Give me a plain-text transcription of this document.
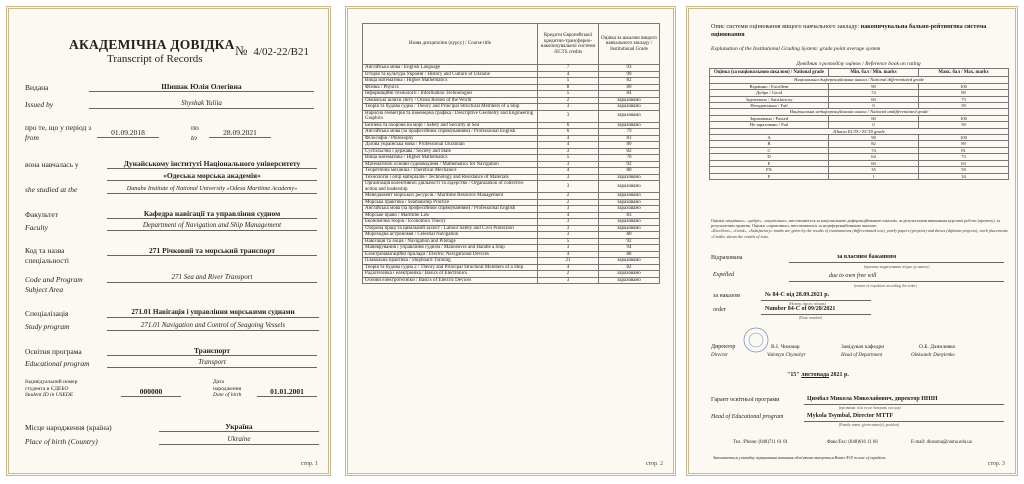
АКАДЕМІЧНА ДОВІДКА
Transcript of Records
№ 4/02-22/В21
Видана
Issued by
Шишак Юлія Олегівна
Shyshak Yuliia
про те, що у період з
from
01.09.2018
по
to
28.09.2021
вона навчалась у
she studied at the
Дунайському інституті Національного університету
«Одеська морська академія»
Danube Institute of National University «Odesa Maritime Academy»
Факультет
Faculty
Кафедра навігації та управління судном
Department of Navigation and Ship Management
Код та назва
спеціальності
Code and Program
Subject Area
271 Річковий та морський транспорт
271 Sea and River Transport
Спеціалізація
Study program
271.01 Навігація і управління морськими суднами
271.01 Navigation and Control of Seagoing Vessels
Освітня програма
Educational program
Транспорт
Transport
Індивідуальний номер
студента в ЄДЕБО
Student ID in USEDE	000000
Дата
народження
Date of birth	01.01.2001
Місце народження (країна)
Place of birth (Country)
Україна
Ukraine
стор. 1
Назва дисципліни (курсу) / Course title	Кредити Європейської кредитно-трансферно-накопичувальної системи /ECTS credits	Оцінка за шкалою вищого навчального закладу / Institutional Grade
Англійська мова / English Language	7	93
Історія та культура України / History and Culture of Ukraine	4	90
Вища математика / Higher Mathematics	5	82
Фізика / Physics	8	89
Інформаційні технології / Information Technologies	5	84
Океанські шляхи світу / Ocean Routes of the World	2	зараховано
Теорія та будова судна / Theory and Principal Structural Members of a Ship	3	зараховано
Нарисна геометрія та інженерна графіка / Descriptive Geometry and Engineering Graphics	3	зараховано
Безпека та охорона на морі / Safety and Security at Sea	6	зараховано
Англійська мова (за професійним спрямуванням) / Professional English	6	79
Філософія / Philosophy	4	81
Ділова українська мова / Professional Ukrainian	4	80
Суспільство і держава / Society and State	3	82
Вища математика / Higher Mathematics	5	76
Математичні основи судноводіння / Mathematics for Navigation	3	92
Теоретична механіка / Theretical Mechanics	4	80
Технологія і опір матеріалів / Technology and Resistance of Materials	3	зараховано
Організація колективної діяльності та лідерство / Organization of collective action and leadership	3	зараховано
Менеджмент морських ресурсів / Maritime Resource Management	2	зараховано
Морська практика / Seamanship Practice	2	зараховано
Англійська мова (за професійним спрямуванням) / Professional English	3	зараховано
Морське право / Maritime Law	4	83
Економічна теорія / Economics Theory	3	зараховано
Охорона праці та цивільний захист / Labour Safety and Civil Protection	3	зараховано
Мореходна астрономія / Celestial Navigation	3	80
Навігація та лоція / Navigation and Pilotage	5	92
Маневрування і управління судном / Manoeuvre and Handle a Ship	3	94
Електронавігаційні прилади / Electric Navigational Devices	4	88
Плавальна практика / Shipboard Training	21	зараховано
Теорія та будова судна 2 / Theory and Principal Structural Members of a Ship	4	82
Радіотехніка і електроніка / Basics of Electronics	2	зараховано
Основи електротехніки / Basics of Electric Devices	3	зараховано
стор. 2
Опис системи оцінювання вищого навчального закладу: накопичувальна бально-рейтингова система оцінювання
Explanation of the Institutional Grading System: grade point average system
Довідник з розподілу оцінок / Reference book on rating
Оцінка (за національною шкалою) / National grade	Мін. бал / Min. marks	Макс. бал / Max. marks
Національна диференційована шкала / National differentiated grade		
Відмінно / Excellent	90	100
Добре / Good	74	89
Задовільно / Satisfactory	60	73
Незадовільно / Fail	0	59
Національна недиференційована шкала / National undifferentiated grade		
Зараховано / Passed	60	100
Не зараховано / Fail	0	59
Шкала ЕСТS / ECTS grade		
A	90	100
B	82	89
C	74	81
D	64	73
E	60	63
FX	35	59
F	1	34
Оцінки «відмінно», «добре», «задовільно», виставляються за національною диференційованою шкалою, за результатами виконання курсової роботи (проекту), за результатами практик. Оцінки «зараховано» виставляються за недиференційованою шкалою.
«Excellent», «Good», «Satisfactory» marks are given by the results of examinations (differentiated test), yearly papers (projects) and theses (diploma projects), work placements «Credit» shows the results of tests.
Відрахована	за власним бажанням
(причина відрахування згідно до наказу)
Expelled	due to own free will
(reason of expulsion according the order)
за наказом	№ 84-С від 28.09.2021 р.
(Номер, число, місяць)
order	Number 84-С of 09/28/2021
(Date, number)
Директор
Director
В.І. Чижмар
Valentyn Chymshyr
Завідувач кафедри
Head of Department
О.Б. Данилевко
Oleksandr Danylenko
"15" листопада 2021 р.
Гарант освітньої програми	Цимбал Микола Миколайович, директор ННІН
(прізвище, ім'я та по батькові, посада)
Head of Educational program	Mykola Tsymbal, Director MTTF
(Family name, given name(s), position)
Тел. /Phone: (048)711 61 01	Факс/Fax: (048)616 11 66	E-mail: dinsoma@onma.edu.ua
Заповнюється у випадку переривання навчання обов'язково вказується Наказ /Fill in case of expulsion.
стор. 3
